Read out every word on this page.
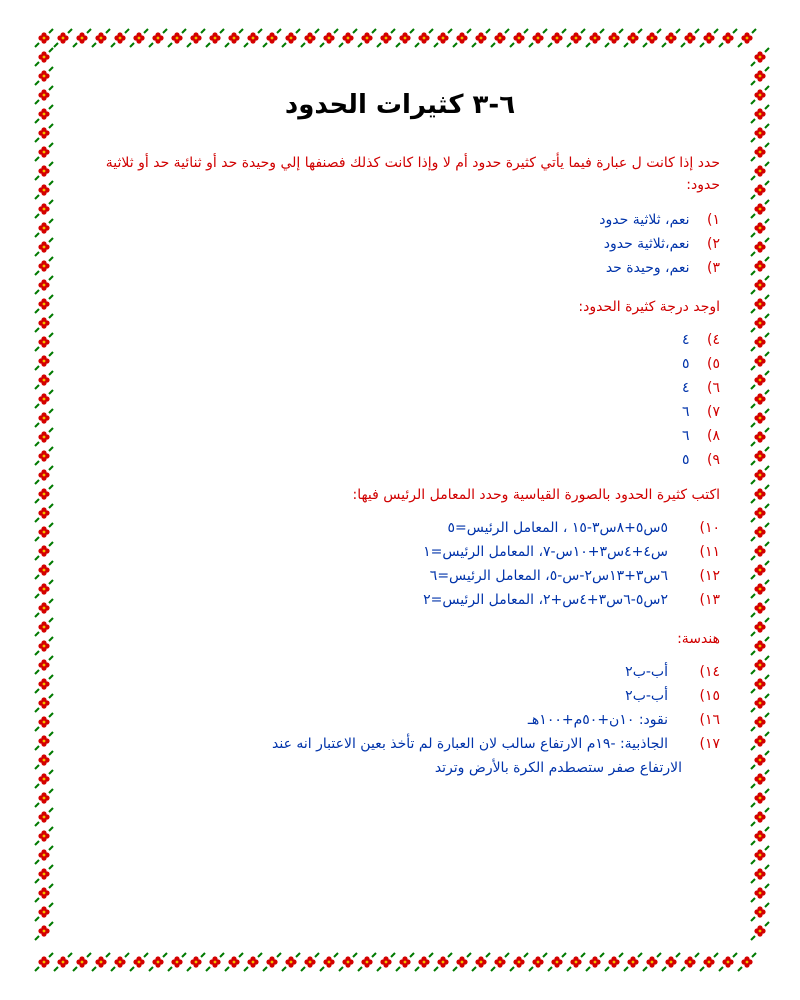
٦-٣ كثيرات الحدود
حدد إذا كانت ل عبارة فيما يأتي كثيرة حدود أم لا وإذا كانت كذلك فصنفها إلي وحيدة حد أو ثنائية حد أو ثلاثية حدود:
١) نعم، ثلاثية حدود
٢) نعم،ثلاثية حدود
٣) نعم، وحيدة حد
اوجد درجة كثيرة الحدود:
٤) ٤
٥) ٥
٦) ٤
٧) ٦
٨) ٦
٩) ٥
اكتب كثيرة الحدود بالصورة القياسية وحدد المعامل الرئيس فيها:
١٠)٥س٥+٨س٣-١٥ ، المعامل الرئيس=٥
١١)س٤+٤س٣+١٠س-٧، المعامل الرئيس=١
١٢)٦س٣+١٣س٢-س-٥، المعامل الرئيس=٦
١٣)٢س٥-٦س٣+٤س+٢، المعامل الرئيس=٢
هندسة:
١٤)أب-ب٢
١٥)أب-ب٢
١٦)نقود: ١٠ن+٥٠م+١٠٠هـ
١٧)الجاذبية: -١٩م الارتفاع سالب لان العبارة لم تأخذ بعين الاعتبار انه عند
الارتفاع صفر ستصطدم الكرة بالأرض وترتد
